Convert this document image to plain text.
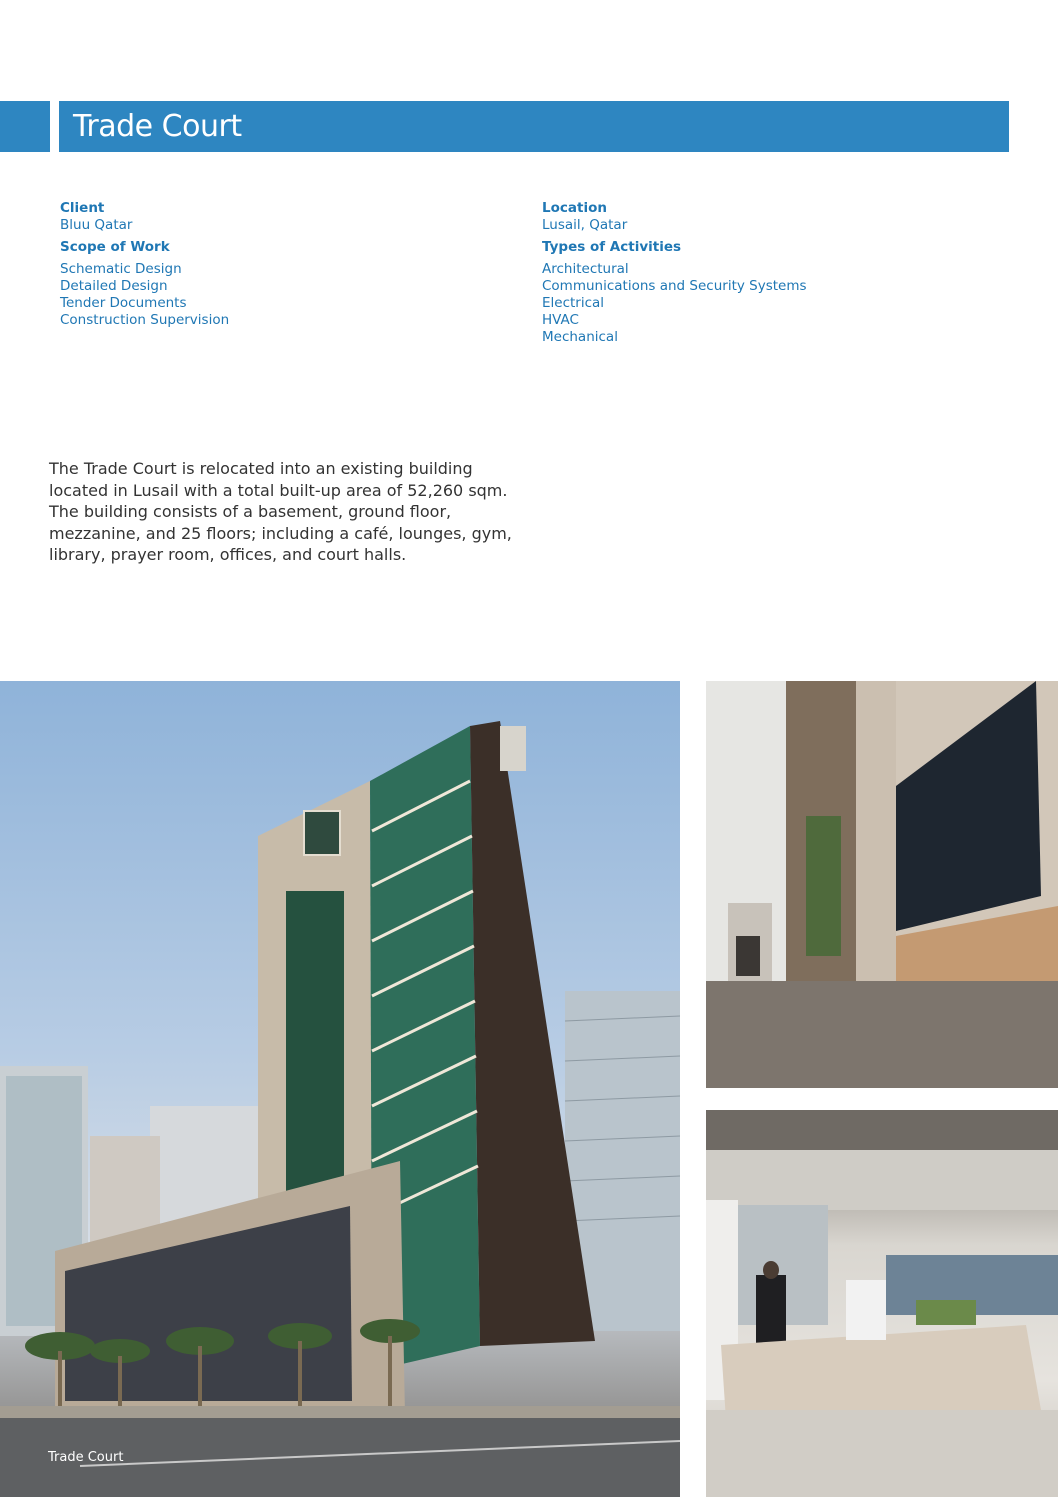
Trade Court
Client
Bluu Qatar
Scope of Work
Schematic Design
Detailed Design
Tender Documents
Construction Supervision
Location
Lusail, Qatar
Types of Activities
Architectural
Communications and Security Systems
Electrical
HVAC
Mechanical
The Trade Court is relocated into an existing building located in Lusail with a total built-up area of 52,260 sqm. The building consists of a basement, ground floor, mezzanine, and 25 floors; including a café, lounges, gym, library, prayer room, offices, and court halls.
Trade Court
